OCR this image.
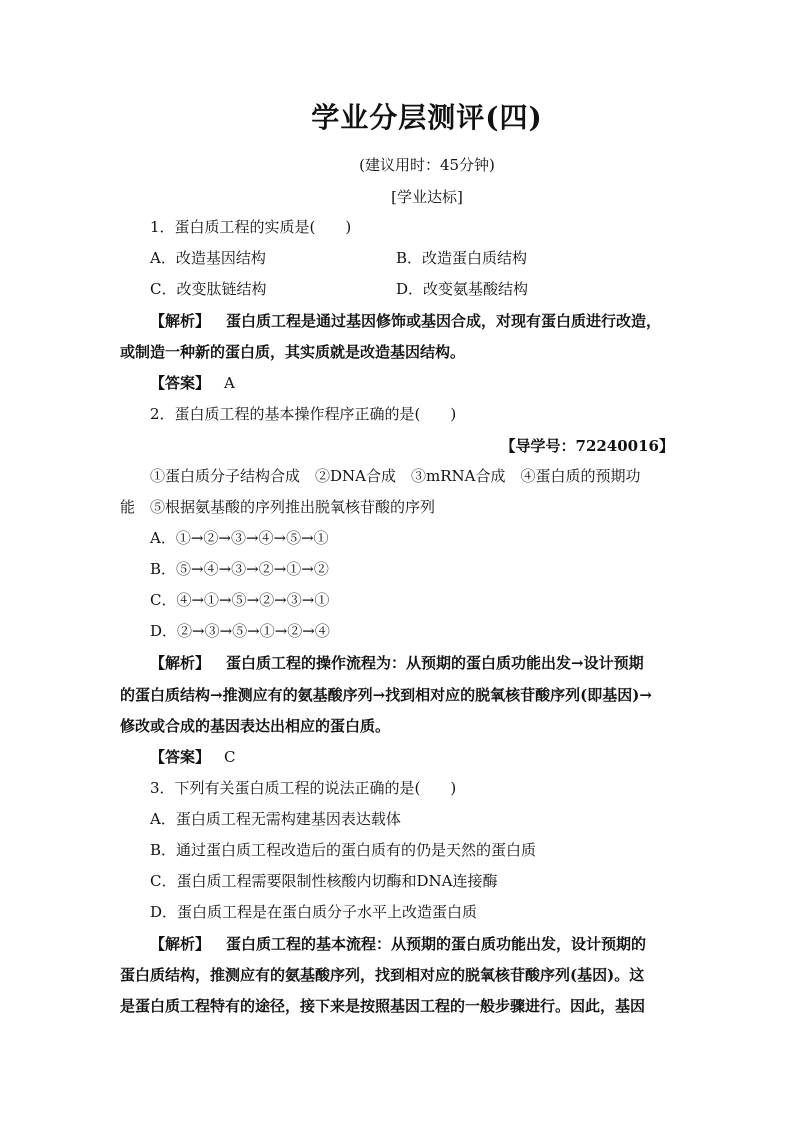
学业分层测评(四)
(建议用时：45分钟)
[学业达标]
1．蛋白质工程的实质是(　　)
A．改造基因结构	B．改造蛋白质结构
C．改变肽链结构	D．改变氨基酸结构
【解析】 蛋白质工程是通过基因修饰或基因合成，对现有蛋白质进行改造，
或制造一种新的蛋白质，其实质就是改造基因结构。
【答案】 A
2．蛋白质工程的基本操作程序正确的是(　　)
【导学号：72240016】
①蛋白质分子结构合成　②DNA合成　③mRNA合成　④蛋白质的预期功
能　⑤根据氨基酸的序列推出脱氧核苷酸的序列
A．①→②→③→④→⑤→①
B．⑤→④→③→②→①→②
C．④→①→⑤→②→③→①
D．②→③→⑤→①→②→④
【解析】 蛋白质工程的操作流程为：从预期的蛋白质功能出发→设计预期
的蛋白质结构→推测应有的氨基酸序列→找到相对应的脱氧核苷酸序列(即基因)→
修改或合成的基因表达出相应的蛋白质。
【答案】 C
3．下列有关蛋白质工程的说法正确的是(　　)
A．蛋白质工程无需构建基因表达载体
B．通过蛋白质工程改造后的蛋白质有的仍是天然的蛋白质
C．蛋白质工程需要限制性核酸内切酶和DNA连接酶
D．蛋白质工程是在蛋白质分子水平上改造蛋白质
【解析】 蛋白质工程的基本流程：从预期的蛋白质功能出发，设计预期的
蛋白质结构，推测应有的氨基酸序列，找到相对应的脱氧核苷酸序列(基因)。这
是蛋白质工程特有的途径，接下来是按照基因工程的一般步骤进行。因此，基因
